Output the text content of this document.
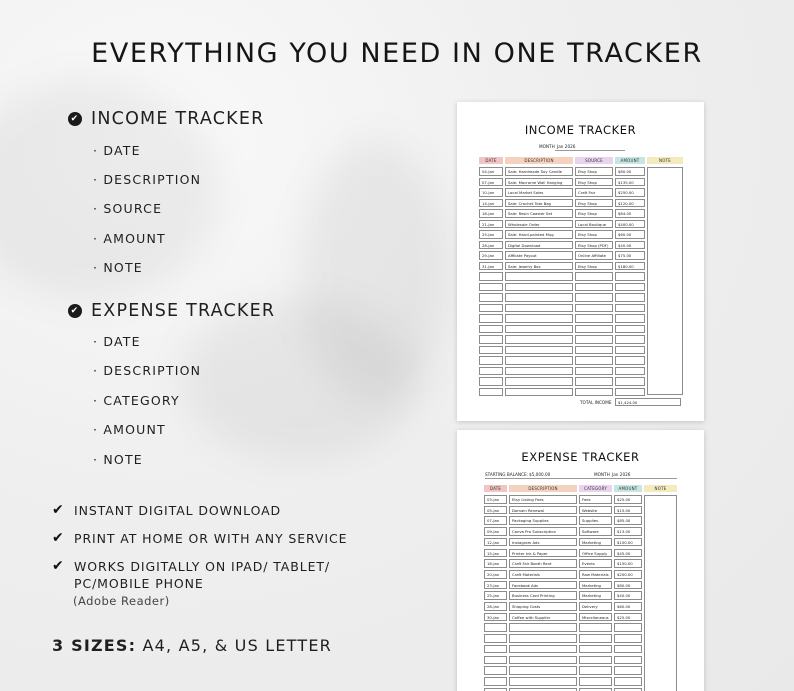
EVERYTHING YOU NEED IN ONE TRACKER
✔ INCOME TRACKER
· DATE
· DESCRIPTION
· SOURCE
· AMOUNT
· NOTE
✔ EXPENSE TRACKER
· DATE
· DESCRIPTION
· CATEGORY
· AMOUNT
· NOTE
✔ INSTANT DIGITAL DOWNLOAD
✔ PRINT AT HOME OR WITH ANY SERVICE
✔ WORKS DIGITALLY ON IPAD/ TABLET/
PC/MOBILE PHONE
(Adobe Reader)
3 SIZES: A4, A5, & US LETTER
INCOME TRACKER
MONTH Jan 2026
DATE	DESCRIPTION	SOURCE	AMOUNT	NOTE
04-Jan	Sale: Handmade Soy Candle	Etsy Shop	$80.00
07-Jan	Sale: Macrame Wall Hanging	Etsy Shop	$135.00
10-Jan	Local Market Sales	Craft Fair	$250.00
14-Jan	Sale: Crochet Tote Bag	Etsy Shop	$120.00
18-Jan	Sale: Resin Coaster Set	Etsy Shop	$84.00
21-Jan	Wholesale Order	Local Boutique	$400.00
25-Jan	Sale: Hand-painted Mug	Etsy Shop	$60.00
28-Jan	Digital Download	Etsy Shop (PDF)	$40.00
29-Jan	Affiliate Payout	Online Affiliate	$75.00
31-Jan	Sale: Jewelry Box	Etsy Shop	$180.00
TOTAL INCOME	$1,424.00
EXPENSE TRACKER
STARTING BALANCE: $5,000.00	MONTH Jan 2026
DATE	DESCRIPTION	CATEGORY	AMOUNT	NOTE
03-Jan	Etsy Listing Fees	Fees	$25.00
05-Jan	Domain Renewal	Website	$15.00
07-Jan	Packaging Supplies	Supplies	$85.00
09-Jan	Canva Pro Subscription	Software	$13.00
12-Jan	Instagram Ads	Marketing	$100.00
15-Jan	Printer Ink & Paper	Office Supply	$45.00
18-Jan	Craft Fair Booth Rent	Events	$150.00
20-Jan	Craft Materials	Raw Materials	$200.00
23-Jan	Facebook Ads	Marketing	$80.00
25-Jan	Business Card Printing	Marketing	$40.00
28-Jan	Shipping Costs	Delivery	$60.00
30-Jan	Coffee with Supplier	Miscellaneous	$25.00
